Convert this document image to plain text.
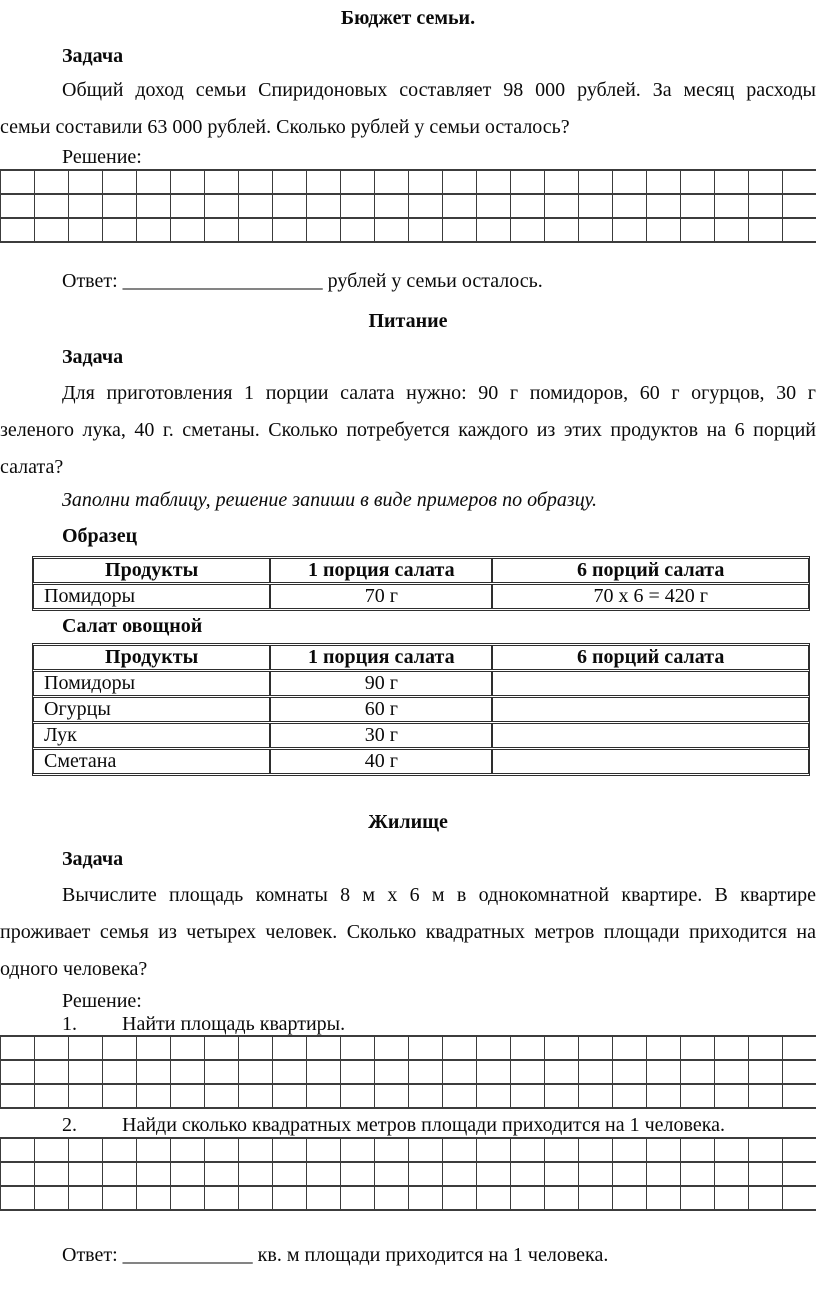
Бюджет семьи.
Задача
Общий доход семьи Спиридоновых составляет 98 000 рублей. За месяц расходы
семьи составили 63 000 рублей. Сколько рублей у семьи осталось?
Решение:
Ответ: ____________________ рублей у семьи осталось.
Питание
Задача
Для приготовления 1 порции салата нужно: 90 г помидоров, 60 г огурцов, 30 г
зеленого лука, 40 г. сметаны. Сколько потребуется каждого из этих продуктов на 6 порций
салата?
Заполни таблицу, решение запиши в виде примеров по образцу.
Образец
Продукты	1 порция салата	6 порций салата
Помидоры	70 г	70 х 6 = 420 г
Салат овощной
Продукты	1 порция салата	6 порций салата
Помидоры	90 г	
Огурцы	60 г	
Лук	30 г	
Сметана	40 г	
Жилище
Задача
Вычислите площадь комнаты 8 м х 6 м в однокомнатной квартире. В квартире
проживает семья из четырех человек. Сколько квадратных метров площади приходится на
одного человека?
Решение:
1. Найти площадь квартиры.
2. Найди сколько квадратных метров площади приходится на 1 человека.
Ответ: _____________ кв. м площади приходится на 1 человека.
